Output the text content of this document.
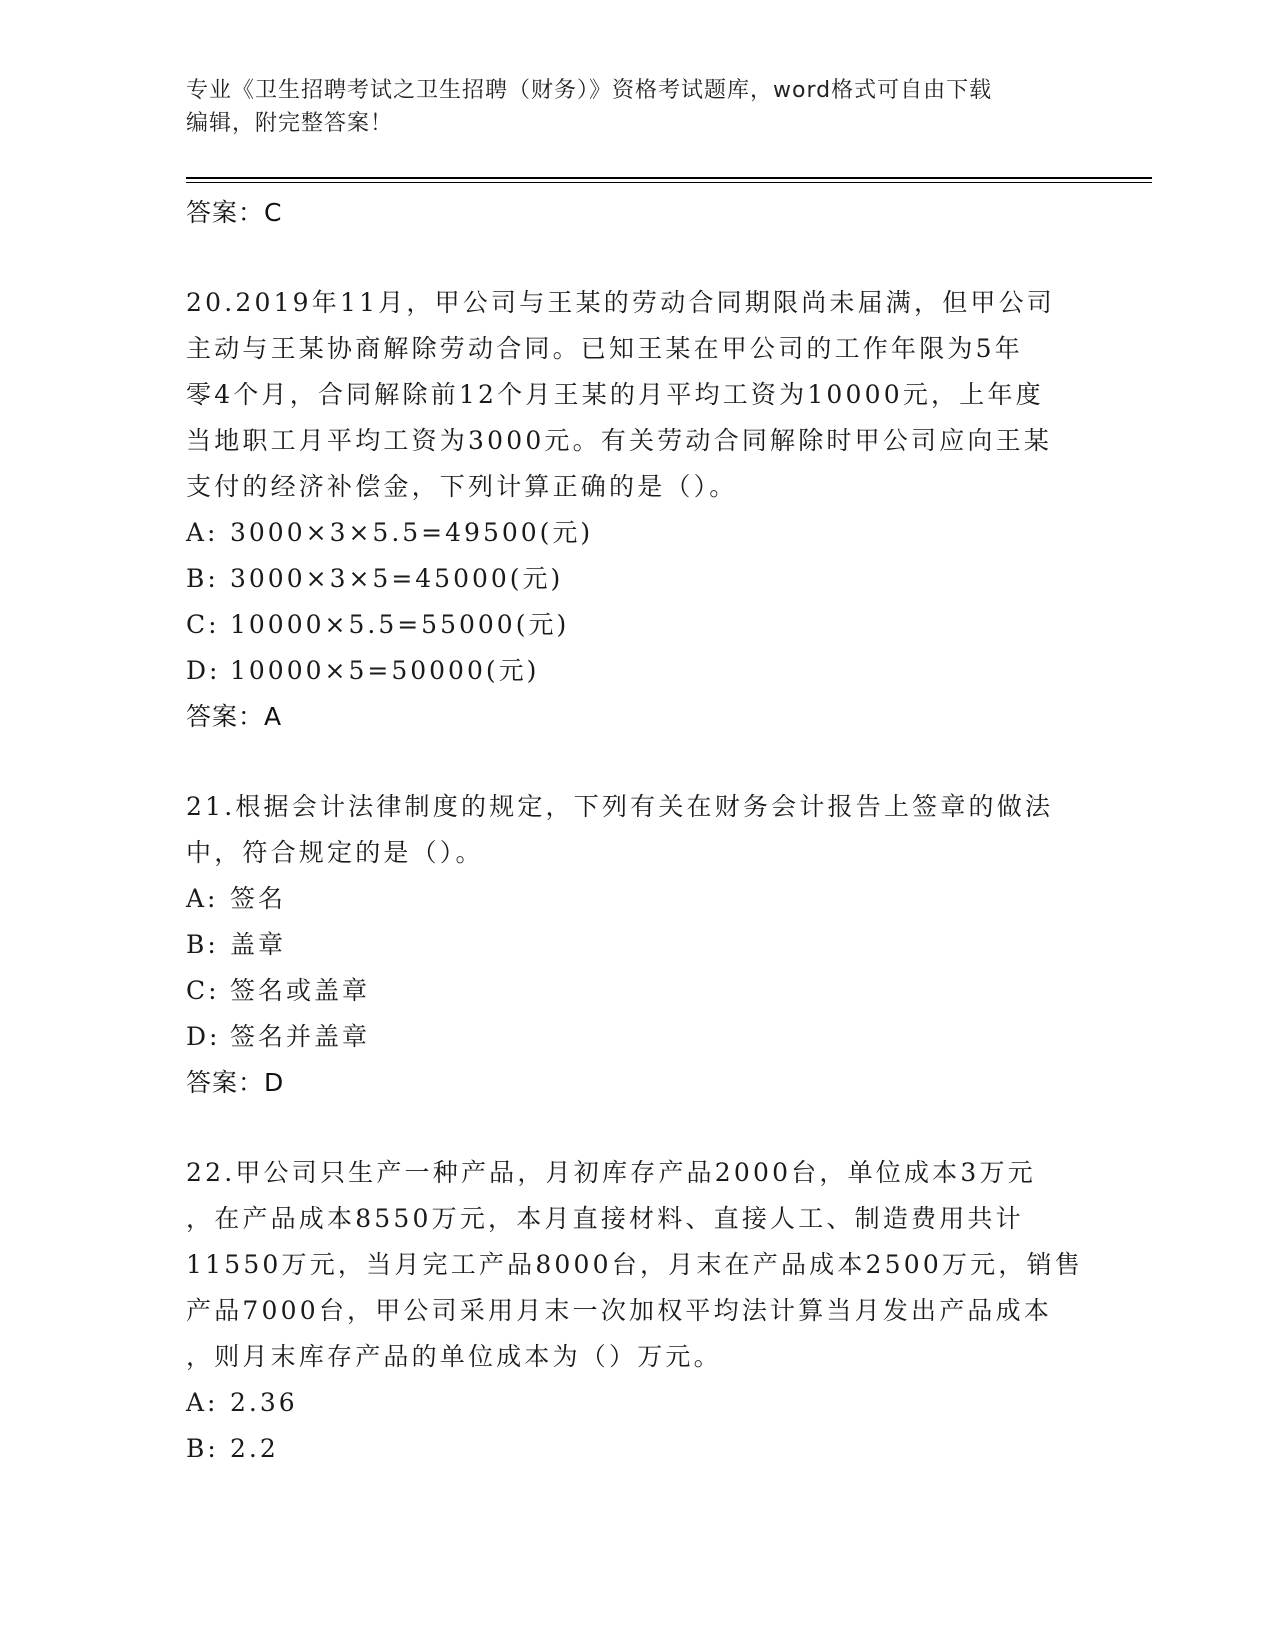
专业《卫生招聘考试之卫生招聘（财务）》资格考试题库，word格式可自由下载
编辑，附完整答案！
答案：C
20.2019年11月，甲公司与王某的劳动合同期限尚未届满，但甲公司
主动与王某协商解除劳动合同。已知王某在甲公司的工作年限为5年
零4个月，合同解除前12个月王某的月平均工资为10000元，上年度
当地职工月平均工资为3000元。有关劳动合同解除时甲公司应向王某
支付的经济补偿金，下列计算正确的是（）。
A: 3000×3×5.5=49500(元)
B: 3000×3×5=45000(元)
C: 10000×5.5=55000(元)
D: 10000×5=50000(元)
答案：A
21.根据会计法律制度的规定，下列有关在财务会计报告上签章的做法
中，符合规定的是（）。
A: 签名
B: 盖章
C: 签名或盖章
D: 签名并盖章
答案：D
22.甲公司只生产一种产品，月初库存产品2000台，单位成本3万元
，在产品成本8550万元，本月直接材料、直接人工、制造费用共计
11550万元，当月完工产品8000台，月末在产品成本2500万元，销售
产品7000台，甲公司采用月末一次加权平均法计算当月发出产品成本
，则月末库存产品的单位成本为（）万元。
A: 2.36
B: 2.2
